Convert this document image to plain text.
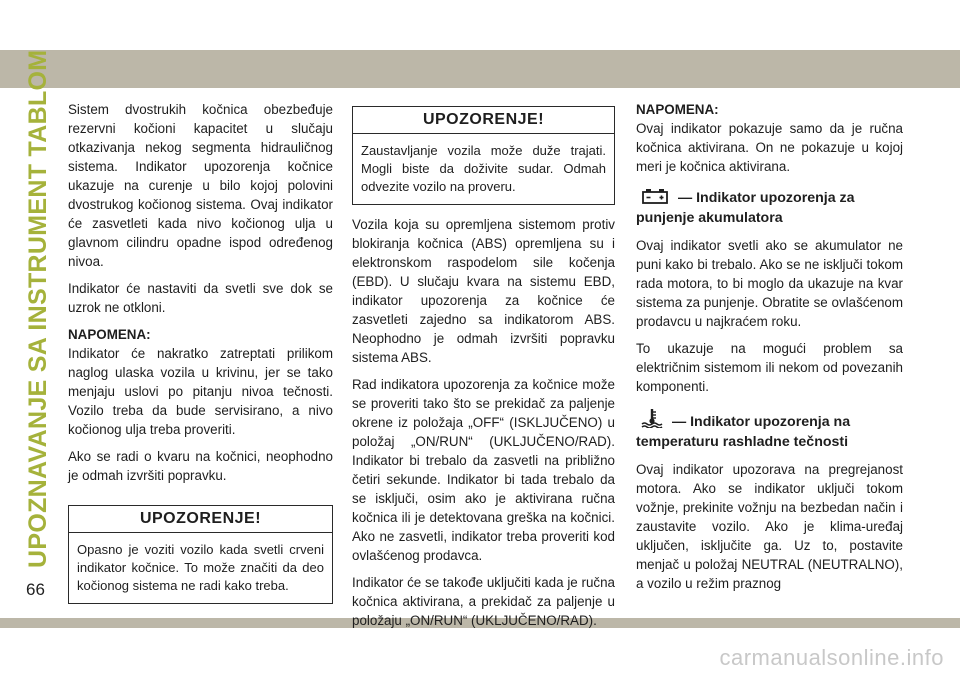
UPOZNAVANJE SA INSTRUMENT TABLOM
66

Sistem dvostrukih kočnica obezbeđuje rezervni kočioni kapacitet u slučaju otkazivanja nekog segmenta hidrauličnog sistema. Indikator upozorenja kočnice ukazuje na curenje u bilo kojoj polovini dvostrukog kočionog sistema. Ovaj indikator će zasvetleti kada nivo kočionog ulja u glavnom cilindru opadne ispod određenog nivoa.

Indikator će nastaviti da svetli sve dok se uzrok ne otkloni.

NAPOMENA:

Indikator će nakratko zatreptati prilikom naglog ulaska vozila u krivinu, jer se tako menjaju uslovi po pitanju nivoa tečnosti. Vozilo treba da bude servisirano, a nivo kočionog ulja treba proveriti.

Ako se radi o kvaru na kočnici, neophodno je odmah izvršiti popravku.

UPOZORENJE!
Opasno je voziti vozilo kada svetli crveni indikator kočnice. To može značiti da deo kočionog sistema ne radi kako treba.
UPOZORENJE!
Zaustavljanje vozila može duže trajati. Mogli biste da doživite sudar. Odmah odvezite vozilo na proveru.

Vozila koja su opremljena sistemom protiv blokiranja kočnica (ABS) opremljena su i elektronskom raspodelom sile kočenja (EBD). U slučaju kvara na sistemu EBD, indikator upozorenja za kočnice će zasvetleti zajedno sa indikatorom ABS. Neophodno je odmah izvršiti popravku sistema ABS.

Rad indikatora upozorenja za kočnice može se proveriti tako što se prekidač za paljenje okrene iz položaja „OFF“ (ISKLJUČENO) u položaj „ON/RUN“ (UKLJUČENO/RAD). Indikator bi trebalo da zasvetli na približno četiri sekunde. Indikator bi tada trebalo da se isključi, osim ako je aktivirana ručna kočnica ili je detektovana greška na kočnici. Ako ne zasvetli, indikator treba proveriti kod ovlašćenog prodavca.

Indikator će se takođe uključiti kada je ručna kočnica aktivirana, a prekidač za paljenje u položaju „ON/RUN“ (UKLJUČENO/RAD).

NAPOMENA:

Ovaj indikator pokazuje samo da je ručna kočnica aktivirana. On ne pokazuje u kojoj meri je kočnica aktivirana.

— Indikator upozorenja za
punjenje akumulatora

Ovaj indikator svetli ako se akumulator ne puni kako bi trebalo. Ako se ne isključi tokom rada motora, to bi moglo da ukazuje na kvar sistema za punjenje. Obratite se ovlašćenom prodavcu u najkraćem roku.

To ukazuje na mogući problem sa električnim sistemom ili nekom od povezanih komponenti.

— Indikator upozorenja na
temperaturu rashladne tečnosti

Ovaj indikator upozorava na pregrejanost motora. Ako se indikator uključi tokom vožnje, prekinite vožnju na bezbedan način i zaustavite vozilo. Ako je klima-uređaj uključen, isključite ga. Uz to, postavite menjač u položaj NEUTRAL (NEUTRALNO), a vozilo u režim praznog

carmanualsonline.info
